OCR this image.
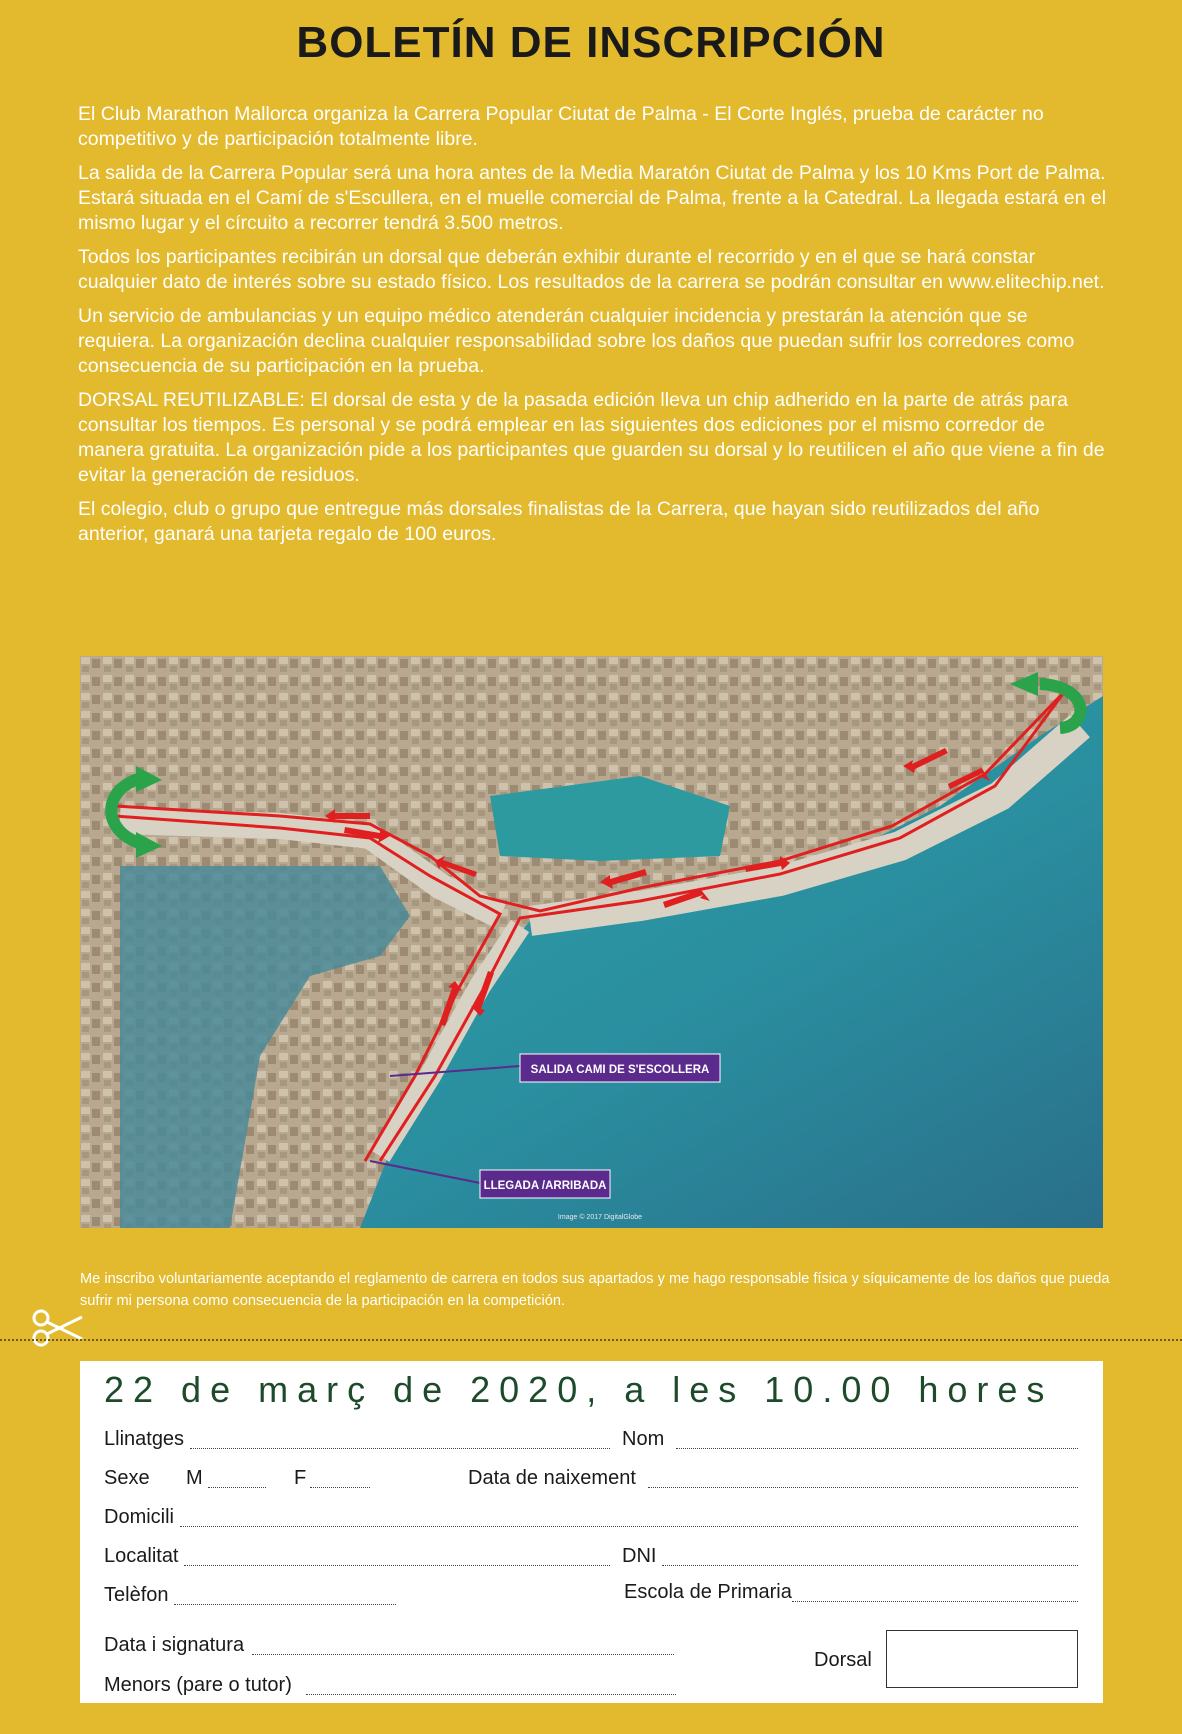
BOLETÍN DE INSCRIPCIÓN

El Club Marathon Mallorca organiza la Carrera Popular Ciutat de Palma - El Corte Inglés, prueba de carácter no competitivo y de participación totalmente libre.

La salida de la Carrera Popular será una hora antes de la Media Maratón Ciutat de Palma y los 10 Kms Port de Palma. Estará situada en el Camí de s'Escullera, en el muelle comercial de Palma, frente a la Catedral. La llegada estará en el mismo lugar y el círcuito a recorrer tendrá 3.500 metros.

Todos los participantes recibirán un dorsal que deberán exhibir durante el recorrido y en el que se hará constar cualquier dato de interés sobre su estado físico. Los resultados de la carrera se podrán consultar en www.elitechip.net.

Un servicio de ambulancias y un equipo médico atenderán cualquier incidencia y prestarán la atención que se requiera. La organización declina cualquier responsabilidad sobre los daños que puedan sufrir los corredores como consecuencia de su participación en la prueba.

DORSAL REUTILIZABLE: El dorsal de esta y de la pasada edición lleva un chip adherido en la parte de atrás para consultar los tiempos. Es personal y se podrá emplear en las siguientes dos ediciones por el mismo corredor de manera gratuita. La organización pide a los participantes que guarden su dorsal y lo reutilicen el año que viene a fin de evitar la generación de residuos.

El colegio, club o grupo que entregue más dorsales finalistas de la Carrera, que hayan sido reutilizados del año anterior, ganará una tarjeta regalo de 100 euros.

SALIDA CAMI DE S'ESCOLLERA
LLEGADA /ARRIBADA
Image © 2017 DigitalGlobe
Me inscribo voluntariamente aceptando el reglamento de carrera en todos sus apartados y me hago responsable física y síquicamente de los daños que pueda sufrir mi persona como consecuencia de la participación en la competición.
22 de març de 2020, a les 10.00 hores
Llinatges	Nom
Sexe M	F	Data de naixement
Domicili
Localitat	DNI
Telèfon	Escola de Primaria
Data i signatura
Dorsal
Menors (pare o tutor)
